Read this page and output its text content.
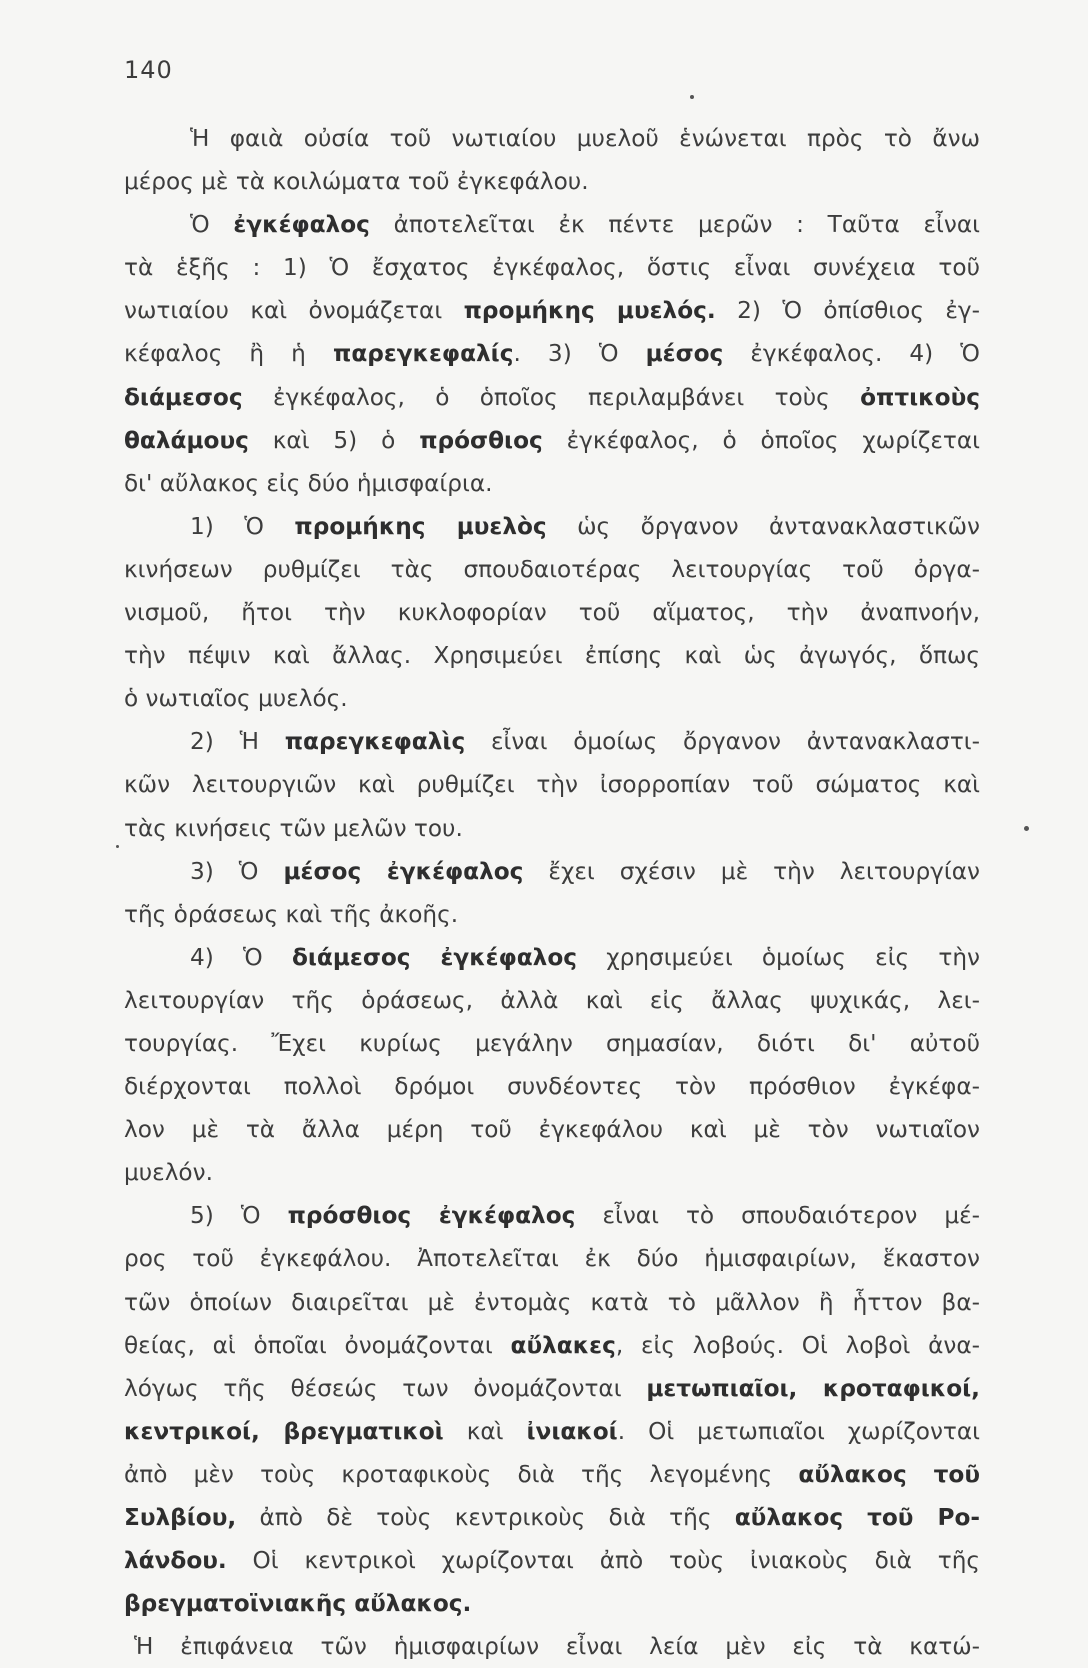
140
Ἡ φαιὰ οὐσία τοῦ νωτιαίου μυελοῦ ἑνώνεται πρὸς τὸ ἄνω
μέρος μὲ τὰ κοιλώματα τοῦ ἐγκεφάλου.
Ὁ ἐγκέφαλος ἀποτελεῖται ἐκ πέντε μερῶν : Ταῦτα εἶναι
τὰ ἑξῆς : 1) Ὁ ἔσχατος ἐγκέφαλος, ὅστις εἶναι συνέχεια τοῦ
νωτιαίου καὶ ὀνομάζεται προμήκης μυελός. 2) Ὁ ὀπίσθιος ἐγ-
κέφαλος ἢ ἡ παρεγκεφαλίς. 3) Ὁ μέσος ἐγκέφαλος. 4) Ὁ
διάμεσος ἐγκέφαλος, ὁ ὁποῖος περιλαμβάνει τοὺς ὀπτικοὺς
θαλάμους καὶ 5) ὁ πρόσθιος ἐγκέφαλος, ὁ ὁποῖος χωρίζεται
δι' αὔλακος εἰς δύο ἡμισφαίρια.
1) Ὁ προμήκης μυελὸς ὡς ὄργανον ἀντανακλαστικῶν
κινήσεων ρυθμίζει τὰς σπουδαιοτέρας λειτουργίας τοῦ ὀργα-
νισμοῦ, ἤτοι τὴν κυκλοφορίαν τοῦ αἵματος, τὴν ἀναπνοήν,
τὴν πέψιν καὶ ἄλλας. Χρησιμεύει ἐπίσης καὶ ὡς ἀγωγός, ὅπως
ὁ νωτιαῖος μυελός.
2) Ἡ παρεγκεφαλὶς εἶναι ὁμοίως ὄργανον ἀντανακλαστι-
κῶν λειτουργιῶν καὶ ρυθμίζει τὴν ἰσορροπίαν τοῦ σώματος καὶ
τὰς κινήσεις τῶν μελῶν του.
3) Ὁ μέσος ἐγκέφαλος ἔχει σχέσιν μὲ τὴν λειτουργίαν
τῆς ὁράσεως καὶ τῆς ἀκοῆς.
4) Ὁ διάμεσος ἐγκέφαλος χρησιμεύει ὁμοίως εἰς τὴν
λειτουργίαν τῆς ὁράσεως, ἀλλὰ καὶ εἰς ἄλλας ψυχικάς, λει-
τουργίας. Ἔχει κυρίως μεγάλην σημασίαν, διότι δι' αὐτοῦ
διέρχονται πολλοὶ δρόμοι συνδέοντες τὸν πρόσθιον ἐγκέφα-
λον μὲ τὰ ἄλλα μέρη τοῦ ἐγκεφάλου καὶ μὲ τὸν νωτιαῖον
μυελόν.
5) Ὁ πρόσθιος ἐγκέφαλος εἶναι τὸ σπουδαιότερον μέ-
ρος τοῦ ἐγκεφάλου. Ἀποτελεῖται ἐκ δύο ἡμισφαιρίων, ἕκαστον
τῶν ὁποίων διαιρεῖται μὲ ἐντομὰς κατὰ τὸ μᾶλλον ἢ ἧττον βα-
θείας, αἱ ὁποῖαι ὀνομάζονται αὔλακες, εἰς λοβούς. Οἱ λοβοὶ ἀνα-
λόγως τῆς θέσεώς των ὀνομάζονται μετωπιαῖοι, κροταφικοί,
κεντρικοί, βρεγματικοὶ καὶ ἰνιακοί. Οἱ μετωπιαῖοι χωρίζονται
ἀπὸ μὲν τοὺς κροταφικοὺς διὰ τῆς λεγομένης αὔλακος τοῦ
Συλβίου, ἀπὸ δὲ τοὺς κεντρικοὺς διὰ τῆς αὔλακος τοῦ Ρο-
λάνδου. Οἱ κεντρικοὶ χωρίζονται ἀπὸ τοὺς ἰνιακοὺς διὰ τῆς
βρεγματοϊνιακῆς αὔλακος.
Ἡ ἐπιφάνεια τῶν ἡμισφαιρίων εἶναι λεία μὲν εἰς τὰ κατώ-
